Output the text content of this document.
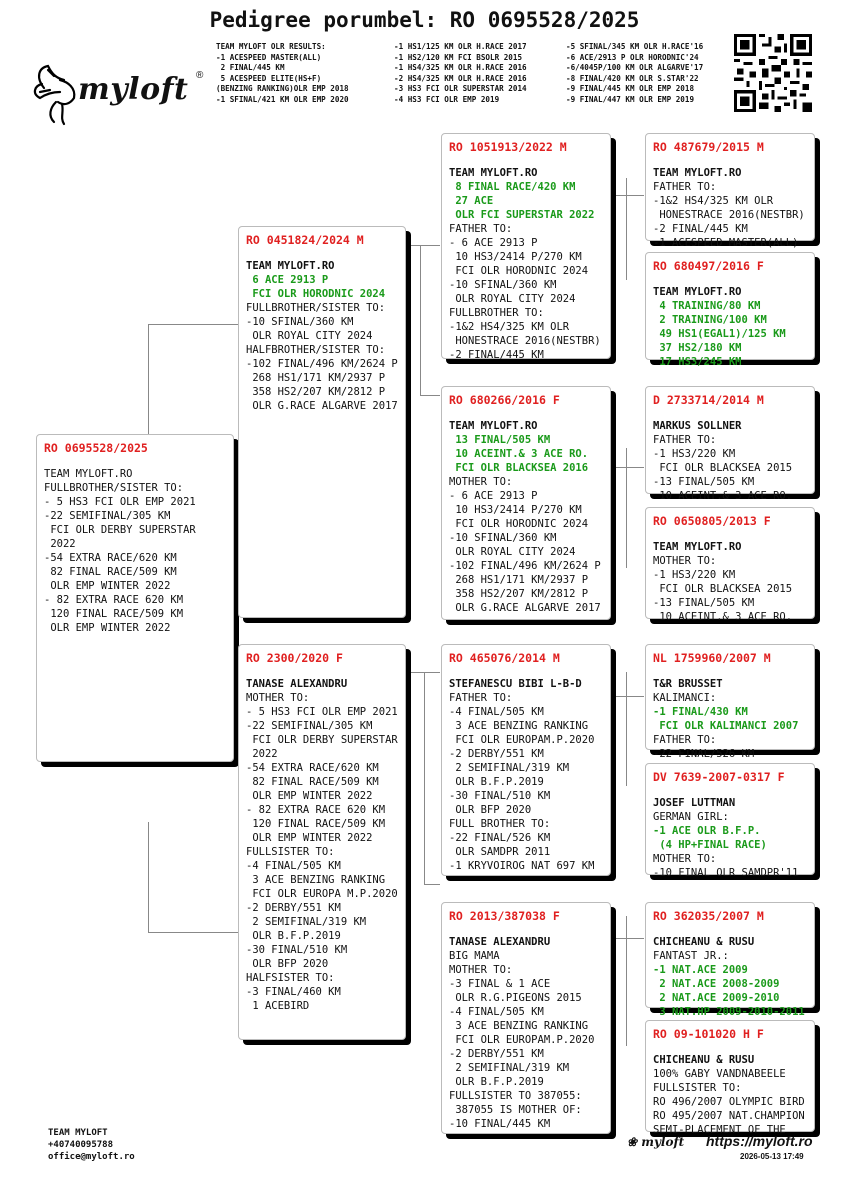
Pedigree porumbel: RO 0695528/2025
myloft ®
TEAM MYLOFT OLR RESULTS:
-1 ACESPEED MASTER(ALL)
2 FINAL/445 KM
5 ACESPEED ELITE(HS+F)
(BENZING RANKING)OLR EMP 2018
-1 SFINAL/421 KM OLR EMP 2020
-1 HS1/125 KM OLR H.RACE 2017
-1 HS2/120 KM FCI BSOLR 2015
-1 HS4/325 KM OLR H.RACE 2016
-2 HS4/325 KM OLR H.RACE 2016
-3 HS3 FCI OLR SUPERSTAR 2014
-4 HS3 FCI OLR EMP 2019
-5 SFINAL/345 KM OLR H.RACE'16
-6 ACE/2913 P OLR HORODNIC'24
-6/4045P/100 KM OLR ALGARVE'17
-8 FINAL/420 KM OLR S.STAR'22
-9 FINAL/445 KM OLR EMP 2018
-9 FINAL/447 KM OLR EMP 2019
RO 0695528/2025
TEAM MYLOFT.RO
FULLBROTHER/SISTER TO:
- 5 HS3 FCI OLR EMP 2021
-22 SEMIFINAL/305 KM
FCI OLR DERBY SUPERSTAR
2022
-54 EXTRA RACE/620 KM
82 FINAL RACE/509 KM
OLR EMP WINTER 2022
- 82 EXTRA RACE 620 KM
120 FINAL RACE/509 KM
OLR EMP WINTER 2022
RO 0451824/2024 M
TEAM MYLOFT.RO
6 ACE 2913 P
FCI OLR HORODNIC 2024
FULLBROTHER/SISTER TO:
-10 SFINAL/360 KM
OLR ROYAL CITY 2024
HALFBROTHER/SISTER TO:
-102 FINAL/496 KM/2624 P
268 HS1/171 KM/2937 P
358 HS2/207 KM/2812 P
OLR G.RACE ALGARVE 2017
RO 2300/2020 F
TANASE ALEXANDRU
MOTHER TO:
- 5 HS3 FCI OLR EMP 2021
-22 SEMIFINAL/305 KM
FCI OLR DERBY SUPERSTAR
2022
-54 EXTRA RACE/620 KM
82 FINAL RACE/509 KM
OLR EMP WINTER 2022
- 82 EXTRA RACE 620 KM
120 FINAL RACE/509 KM
OLR EMP WINTER 2022
FULLSISTER TO:
-4 FINAL/505 KM
3 ACE BENZING RANKING
FCI OLR EUROPA M.P.2020
-2 DERBY/551 KM
2 SEMIFINAL/319 KM
OLR B.F.P.2019
-30 FINAL/510 KM
OLR BFP 2020
HALFSISTER TO:
-3 FINAL/460 KM
1 ACEBIRD
RO 1051913/2022 M
TEAM MYLOFT.RO
8 FINAL RACE/420 KM
27 ACE
OLR FCI SUPERSTAR 2022
FATHER TO:
- 6 ACE 2913 P
10 HS3/2414 P/270 KM
FCI OLR HORODNIC 2024
-10 SFINAL/360 KM
OLR ROYAL CITY 2024
FULLBROTHER TO:
-1&2 HS4/325 KM OLR
HONESTRACE 2016(NESTBR)
-2 FINAL/445 KM
RO 680266/2016 F
TEAM MYLOFT.RO
13 FINAL/505 KM
10 ACEINT.& 3 ACE RO.
FCI OLR BLACKSEA 2016
MOTHER TO:
- 6 ACE 2913 P
10 HS3/2414 P/270 KM
FCI OLR HORODNIC 2024
-10 SFINAL/360 KM
OLR ROYAL CITY 2024
-102 FINAL/496 KM/2624 P
268 HS1/171 KM/2937 P
358 HS2/207 KM/2812 P
OLR G.RACE ALGARVE 2017
RO 465076/2014 M
STEFANESCU BIBI L-B-D
FATHER TO:
-4 FINAL/505 KM
3 ACE BENZING RANKING
FCI OLR EUROPAM.P.2020
-2 DERBY/551 KM
2 SEMIFINAL/319 KM
OLR B.F.P.2019
-30 FINAL/510 KM
OLR BFP 2020
FULL BROTHER TO:
-22 FINAL/526 KM
OLR SAMDPR 2011
-1 KRYVOIROG NAT 697 KM
RO 2013/387038 F
TANASE ALEXANDRU
BIG MAMA
MOTHER TO:
-3 FINAL & 1 ACE
OLR R.G.PIGEONS 2015
-4 FINAL/505 KM
3 ACE BENZING RANKING
FCI OLR EUROPAM.P.2020
-2 DERBY/551 KM
2 SEMIFINAL/319 KM
OLR B.F.P.2019
FULLSISTER TO 387055:
387055 IS MOTHER OF:
-10 FINAL/445 KM
RO 487679/2015 M
TEAM MYLOFT.RO
FATHER TO:
-1&2 HS4/325 KM OLR
HONESTRACE 2016(NESTBR)
-2 FINAL/445 KM
-1 ACESPEED MASTER(ALL)
RO 680497/2016 F
TEAM MYLOFT.RO
4 TRAINING/80 KM
2 TRAINING/100 KM
49 HS1(EGAL1)/125 KM
37 HS2/180 KM
17 HS3/245 KM
D 2733714/2014 M
MARKUS SOLLNER
FATHER TO:
-1 HS3/220 KM
FCI OLR BLACKSEA 2015
-13 FINAL/505 KM
10 ACEINT.& 3 ACE RO.
RO 0650805/2013 F
TEAM MYLOFT.RO
MOTHER TO:
-1 HS3/220 KM
FCI OLR BLACKSEA 2015
-13 FINAL/505 KM
10 ACEINT.& 3 ACE RO.
NL 1759960/2007 M
T&R BRUSSET
KALIMANCI:
-1 FINAL/430 KM
FCI OLR KALIMANCI 2007
FATHER TO:
-22 FINAL/526 KM
DV 7639-2007-0317 F
JOSEF LUTTMAN
GERMAN GIRL:
-1 ACE OLR B.F.P.
(4 HP+FINAL RACE)
MOTHER TO:
-10 FINAL OLR SAMDPR'11
RO 362035/2007 M
CHICHEANU & RUSU
FANTAST JR.:
-1 NAT.ACE 2009
2 NAT.ACE 2008-2009
2 NAT.ACE 2009-2010
3 NAT.HP 2009-2010-2011
RO 09-101020 H F
CHICHEANU & RUSU
100% GABY VANDNABEELE
FULLSISTER TO:
RO 496/2007 OLYMPIC BIRD
RO 495/2007 NAT.CHAMPION
SEMI-PLACEMENT OF THE
TEAM MYLOFT
+40740095788
office@myloft.ro
❀ myloft https://myloft.ro
2026-05-13 17:49
